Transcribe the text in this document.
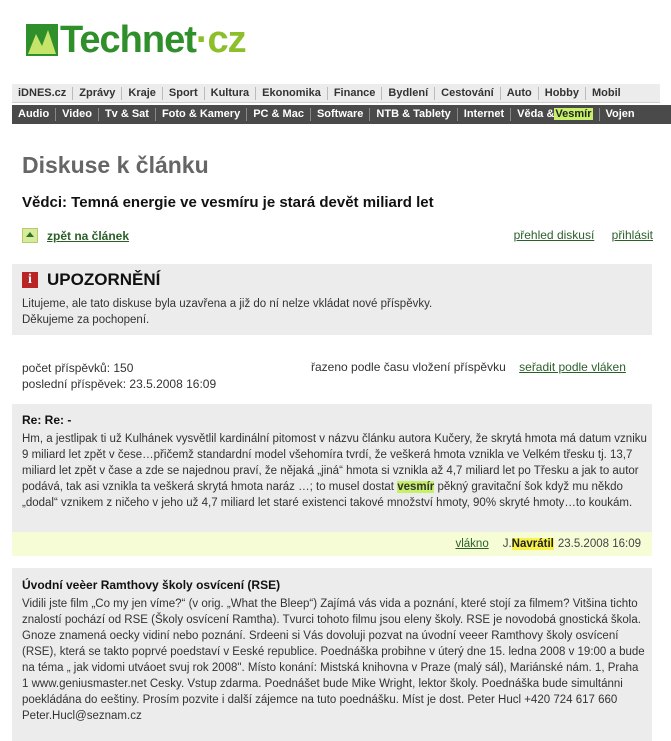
Technet·cz
iDNES.cz	Zprávy	Kraje	Sport	Kultura	Ekonomika	Finance	Bydlení	Cestování	Auto	Hobby	Mobil
Audio	Video	Tv & Sat	Foto & Kamery	PC & Mac	Software	NTB & Tablety	Internet	Věda &Vesmír	Vojen
Diskuse k článku
Vědci: Temná energie ve vesmíru je stará devět miliard let
zpět na článek	přehled diskusí přihlásit
i UPOZORNĚNÍ
Litujeme, ale tato diskuse byla uzavřena a již do ní nelze vkládat nové příspěvky.
Děkujeme za pochopení.
počet příspěvků: 150
poslední příspěvek: 23.5.2008 16:09
řazeno podle času vložení příspěvku seřadit podle vláken
Re: Re: -
Hm, a jestlipak ti už Kulhánek vysvětlil kardinální pitomost v názvu článku autora Kučery, že skrytá hmota má datum vzniku 9 miliard let zpět v čese…přičemž standardní model všehomíra tvrdí, že veškerá hmota vznikla ve Velkém třesku tj. 13,7 miliard let zpět v čase a zde se najednou praví, že nějaká „jiná“ hmota si vznikla až 4,7 miliard let po Třesku a jak to autor podává, tak asi vznikla ta veškerá skrytá hmota naráz …; to musel dostat vesmír pěkný gravitační šok když mu někdo „dodal“ vznikem z ničeho v jeho už 4,7 miliard let staré existenci takové množství hmoty, 90% skryté hmoty…to koukám.
vlákno J.Navrátil 23.5.2008 16:09
Úvodní veèer Ramthovy školy osvícení (RSE)
Vidili jste film „Co my jen víme?“ (v orig. „What the Bleep“) Zajímá vás vida a poznání, které stojí za filmem? Vitšina tichto znalostí pochází od RSE (Školy osvícení Ramtha). Tvurci tohoto filmu jsou eleny školy. RSE je novodobá gnostická škola. Gnoze znamená oecky vidiní nebo poznání. Srdeeni si Vás dovoluji pozvat na úvodní veeer Ramthovy školy osvícení (RSE), která se takto poprvé poedstaví v Eeské republice. Poednáška probihne v úterý dne 15. ledna 2008 v 19:00 a bude na téma „ jak vidomi utváoet svuj rok 2008". Místo konání: Mistská knihovna v Praze (malý sál), Mariánské nám. 1, Praha 1 www.geniusmaster.net Cesky. Vstup zdarma. Poednášet bude Mike Wright, lektor školy. Poednáška bude simultánni poekládána do eeštiny. Prosím pozvite i další zájemce na tuto poednášku. Míst je dost. Peter Hucl +420 724 617 660 Peter.Hucl@seznam.cz
